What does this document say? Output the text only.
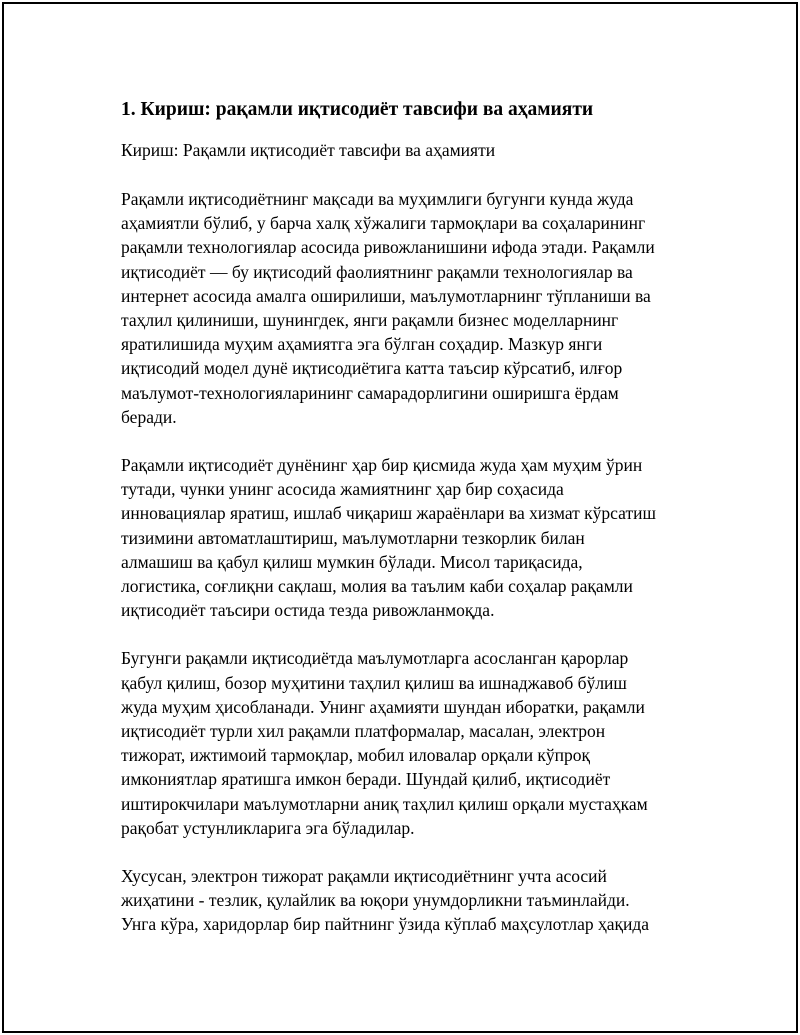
1. Кириш: рақамли иқтисодиёт тавсифи ва аҳамияти

Кириш: Рақамли иқтисодиёт тавсифи ва аҳамияти

Рақамли иқтисодиётнинг мақсади ва муҳимлиги бугунги кунда жуда
аҳамиятли бўлиб, у барча халқ хўжалиги тармоқлари ва соҳаларининг
рақамли технологиялар асосида ривожланишини ифода этади. Рақамли
иқтисодиёт — бу иқтисодий фаолиятнинг рақамли технологиялар ва
интернет асосида амалга оширилиши, маълумотларнинг тўпланиши ва
таҳлил қилиниши, шунингдек, янги рақамли бизнес моделларнинг
яратилишида муҳим аҳамиятга эга бўлган соҳадир. Мазкур янги
иқтисодий модел дунё иқтисодиётига катта таъсир кўрсатиб, илғор
маълумот-технологияларининг самарадорлигини оширишга ёрдам
беради.

Рақамли иқтисодиёт дунёнинг ҳар бир қисмида жуда ҳам муҳим ўрин
тутади, чунки унинг асосида жамиятнинг ҳар бир соҳасида
инновациялар яратиш, ишлаб чиқариш жараёнлари ва хизмат кўрсатиш
тизимини автоматлаштириш, маълумотларни тезкорлик билан
алмашиш ва қабул қилиш мумкин бўлади. Мисол тариқасида,
логистика, соғлиқни сақлаш, молия ва таълим каби соҳалар рақамли
иқтисодиёт таъсири остида тезда ривожланмоқда.

Бугунги рақамли иқтисодиётда маълумотларга асосланган қарорлар
қабул қилиш, бозор муҳитини таҳлил қилиш ва ишнаджавоб бўлиш
жуда муҳим ҳисобланади. Унинг аҳамияти шундан иборатки, рақамли
иқтисодиёт турли хил рақамли платформалар, масалан, электрон
тижорат, ижтимоий тармоқлар, мобил иловалар орқали кўпроқ
имкониятлар яратишга имкон беради. Шундай қилиб, иқтисодиёт
иштирокчилари маълумотларни аниқ таҳлил қилиш орқали мустаҳкам
рақобат устунликларига эга бўладилар.

Хусусан, электрон тижорат рақамли иқтисодиётнинг учта асосий
жиҳатини - тезлик, қулайлик ва юқори унумдорликни таъминлайди.
Унга кўра, харидорлар бир пайтнинг ўзида кўплаб маҳсулотлар ҳақида
